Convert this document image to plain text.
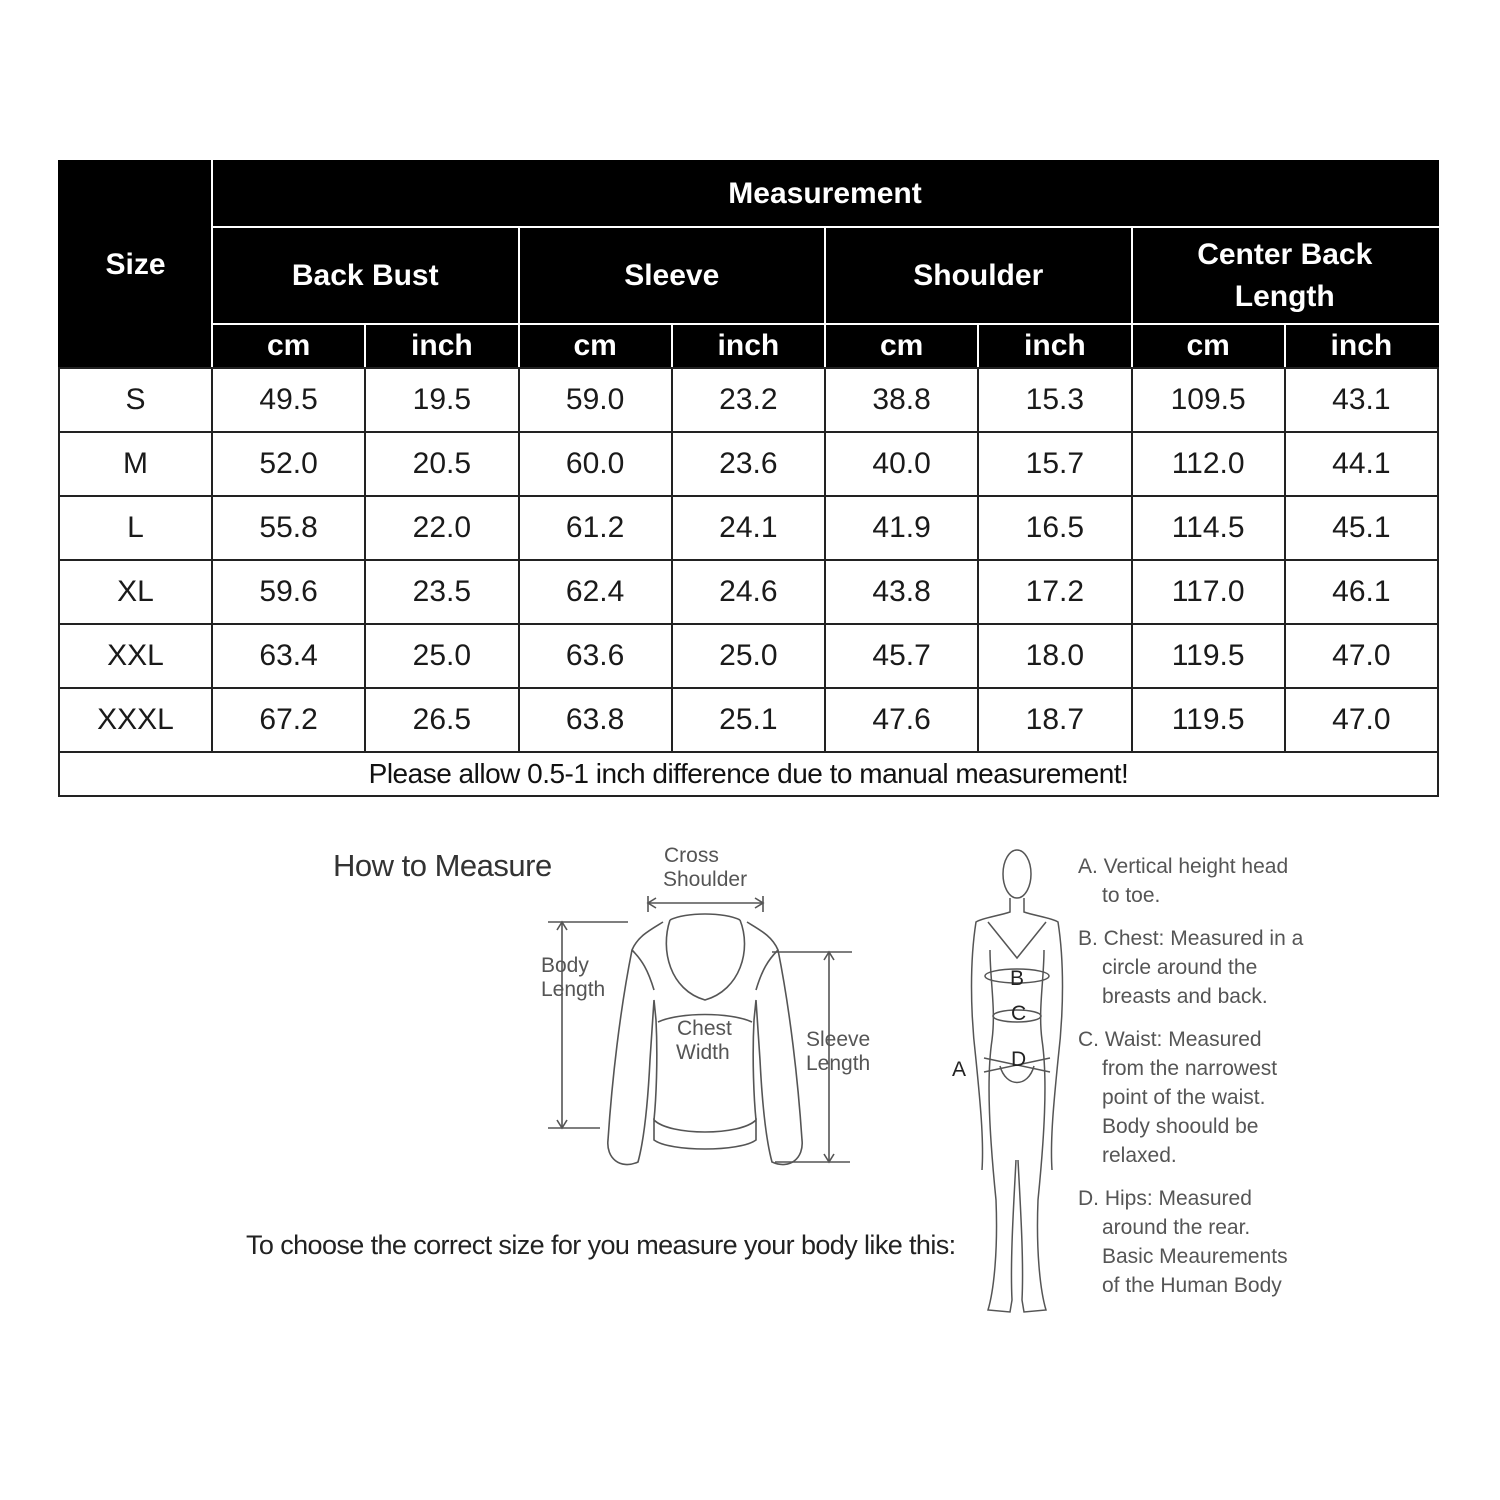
Size	Measurement							
	Back Bust		Sleeve		Shoulder		Center Back Length	
	cm	inch	cm	inch	cm	inch	cm	inch
S	49.5	19.5	59.0	23.2	38.8	15.3	109.5	43.1
M	52.0	20.5	60.0	23.6	40.0	15.7	112.0	44.1
L	55.8	22.0	61.2	24.1	41.9	16.5	114.5	45.1
XL	59.6	23.5	62.4	24.6	43.8	17.2	117.0	46.1
XXL	63.4	25.0	63.6	25.0	45.7	18.0	119.5	47.0
XXXL	67.2	26.5	63.8	25.1	47.6	18.7	119.5	47.0
Please allow 0.5-1 inch difference due to manual measurement!								
How to Measure	Cross
Shoulder
Body
Length
Chest
Width
Sleeve
Length
B
C
D
A
A. Vertical height head
to toe.
B. Chest: Measured in a
circle around the
breasts and back.
C. Waist: Measured
from the narrowest
point of the waist.
Body shoould be
relaxed.
D. Hips: Measured
around the rear.
Basic Meaurements
of the Human Body
To choose the correct size for you measure your body like this:
